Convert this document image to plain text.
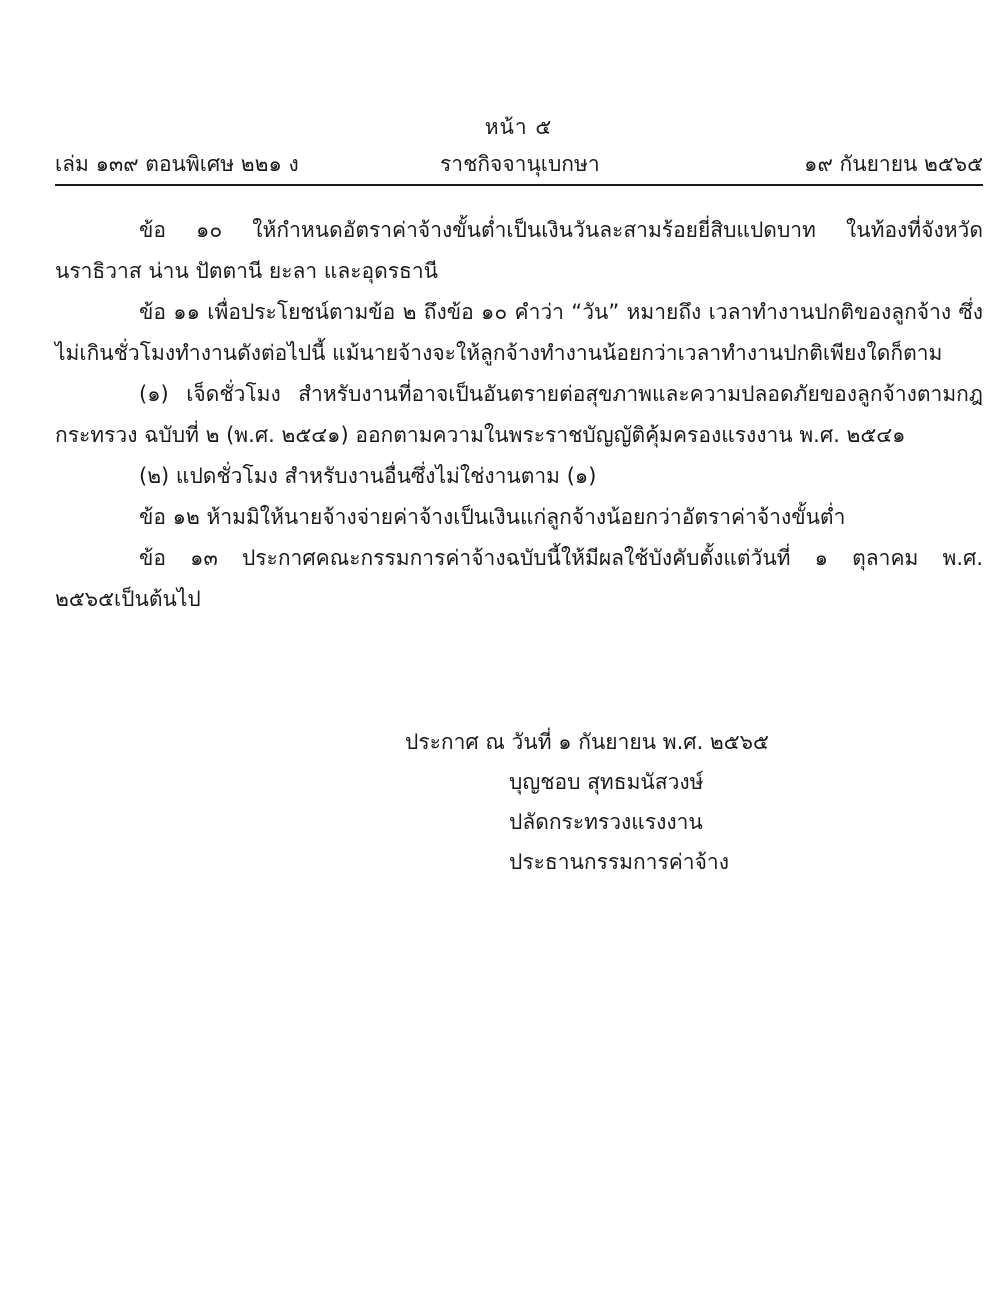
หน้า ๕
เล่ม ๑๓๙ ตอนพิเศษ ๒๒๑ ง	ราชกิจจานุเบกษา	๑๙ กันยายน ๒๕๖๕

ข้อ ๑๐ ให้กำหนดอัตราค่าจ้างขั้นต่ำเป็นเงินวันละสามร้อยยี่สิบแปดบาท ในท้องที่จังหวัดนราธิวาส น่าน ปัตตานี ยะลา และอุดรธานี

ข้อ ๑๑ เพื่อประโยชน์ตามข้อ ๒ ถึงข้อ ๑๐ คำว่า “วัน” หมายถึง เวลาทำงานปกติของลูกจ้าง ซึ่งไม่เกินชั่วโมงทำงานดังต่อไปนี้ แม้นายจ้างจะให้ลูกจ้างทำงานน้อยกว่าเวลาทำงานปกติเพียงใดก็ตาม

(๑) เจ็ดชั่วโมง สำหรับงานที่อาจเป็นอันตรายต่อสุขภาพและความปลอดภัยของลูกจ้างตามกฎกระทรวง ฉบับที่ ๒ (พ.ศ. ๒๕๔๑) ออกตามความในพระราชบัญญัติคุ้มครองแรงงาน พ.ศ. ๒๕๔๑

(๒) แปดชั่วโมง สำหรับงานอื่นซึ่งไม่ใช่งานตาม (๑)

ข้อ ๑๒ ห้ามมิให้นายจ้างจ่ายค่าจ้างเป็นเงินแก่ลูกจ้างน้อยกว่าอัตราค่าจ้างขั้นต่ำ

ข้อ ๑๓ ประกาศคณะกรรมการค่าจ้างฉบับนี้ให้มีผลใช้บังคับตั้งแต่วันที่ ๑ ตุลาคม พ.ศ. ๒๕๖๕เป็นต้นไป

ประกาศ ณ วันที่ ๑ กันยายน พ.ศ. ๒๕๖๕

บุญชอบ สุทธมนัสวงษ์

ปลัดกระทรวงแรงงาน

ประธานกรรมการค่าจ้าง
